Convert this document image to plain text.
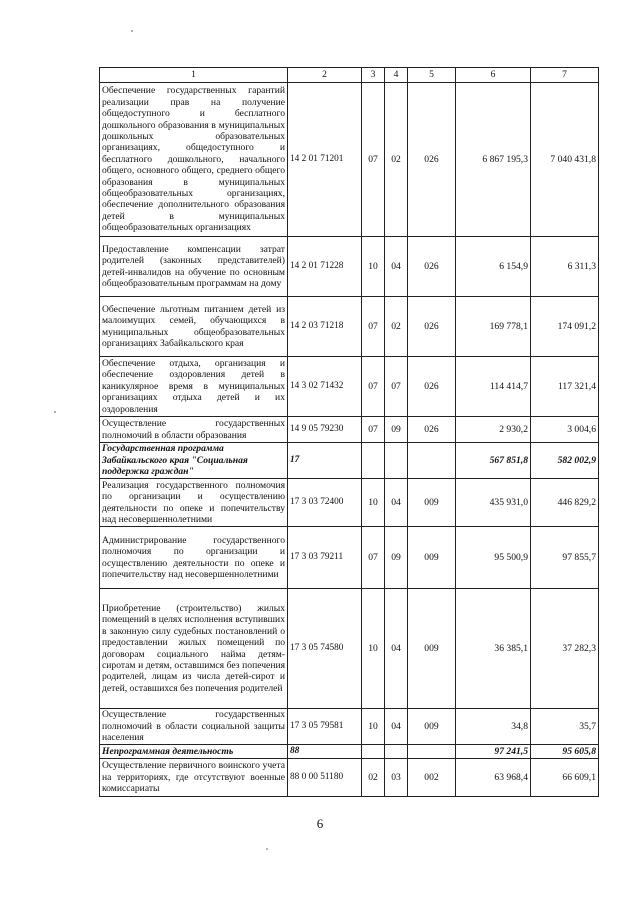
1	2	3	4	5	6	7
Обеспечение государственных гарантий реализации прав на получение общедоступного и бесплатного дошкольного образования в муниципальных дошкольных образовательных организациях, общедоступного и бесплатного дошкольного, начального общего, основного общего, среднего общего образования в муниципальных общеобразовательных организациях, обеспечение дополнительного образования детей в муниципальных общеобразовательных организациях	14 2 01 71201	07	02	026	6 867 195,3	7 040 431,8
Предоставление компенсации затрат родителей (законных представителей) детей-инвалидов на обучение по основным общеобразовательным программам на дому	14 2 01 71228	10	04	026	6 154,9	6 311,3
Обеспечение льготным питанием детей из малоимущих семей, обучающихся в муниципальных общеобразовательных организациях Забайкальского края	14 2 03 71218	07	02	026	169 778,1	174 091,2
Обеспечение отдыха, организация и обеспечение оздоровления детей в каникулярное время в муниципальных организациях отдыха детей и их оздоровления	14 3 02 71432	07	07	026	114 414,7	117 321,4
Осуществление государственных полномочий в области образования	14 9 05 79230	07	09	026	2 930,2	3 004,6
Государственная программа Забайкальского края "Социальная поддержка граждан"	17				567 851,8	582 002,9
Реализация государственного полномочия по организации и осуществлению деятельности по опеке и попечительству над несовершеннолетними	17 3 03 72400	10	04	009	435 931,0	446 829,2
Администрирование государственного полномочия по организации и осуществлению деятельности по опеке и попечительству над несовершеннолетними	17 3 03 79211	07	09	009	95 500,9	97 855,7
Приобретение (строительство) жилых помещений в целях исполнения вступивших в законную силу судебных постановлений о предоставлении жилых помещений по договорам социального найма детям-сиротам и детям, оставшимся без попечения родителей, лицам из числа детей-сирот и детей, оставшихся без попечения родителей	17 3 05 74580	10	04	009	36 385,1	37 282,3
Осуществление государственных полномочий в области социальной защиты населения	17 3 05 79581	10	04	009	34,8	35,7
Непрограммная деятельность	88				97 241,5	95 605,8
Осуществление первичного воинского учета на территориях, где отсутствуют военные комиссариаты	88 0 00 51180	02	03	002	63 968,4	66 609,1
6
